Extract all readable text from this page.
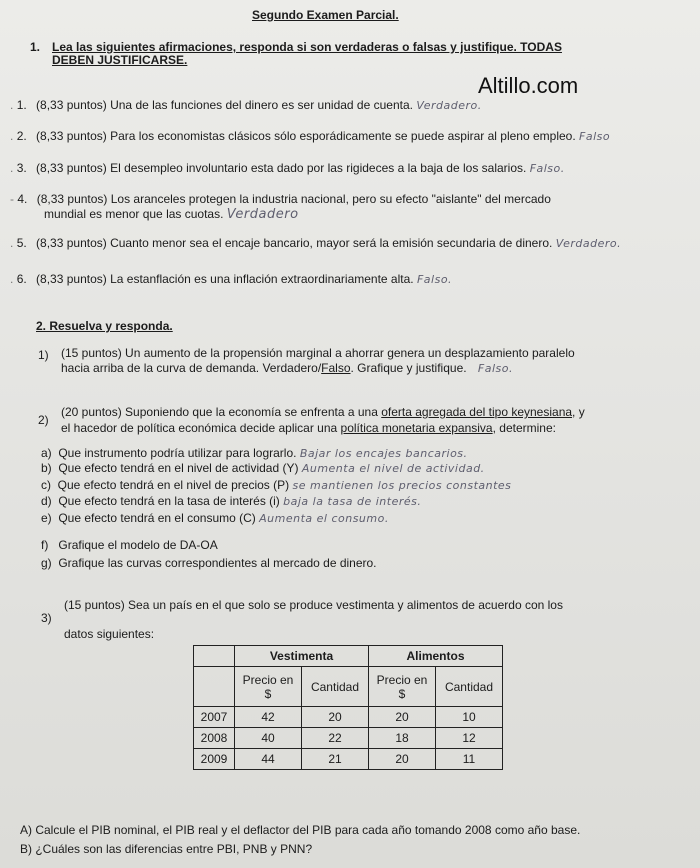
Segundo Examen Parcial.
1. Lea las siguientes afirmaciones, responda si son verdaderas o falsas y justifique. TODAS
DEBEN JUSTIFICARSE.
Altillo.com
. 1. (8,33 puntos) Una de las funciones del dinero es ser unidad de cuenta. Verdadero.
. 2. (8,33 puntos) Para los economistas clásicos sólo esporádicamente se puede aspirar al pleno empleo. Falso
. 3. (8,33 puntos) El desempleo involuntario esta dado por las rigideces a la baja de los salarios. Falso.
- 4. (8,33 puntos) Los aranceles protegen la industria nacional, pero su efecto "aislante" del mercado
mundial es menor que las cuotas. Verdadero
. 5. (8,33 puntos) Cuanto menor sea el encaje bancario, mayor será la emisión secundaria de dinero. Verdadero.
. 6. (8,33 puntos) La estanflación es una inflación extraordinariamente alta. Falso.
2. Resuelva y responda.
1) (15 puntos) Un aumento de la propensión marginal a ahorrar genera un desplazamiento paralelo
hacia arriba de la curva de demanda. Verdadero/Falso. Grafique y justifique. Falso.
2)
(20 puntos) Suponiendo que la economía se enfrenta a una oferta agregada del tipo keynesiana, y
el hacedor de política económica decide aplicar una política monetaria expansiva, determine:
a) Que instrumento podría utilizar para lograrlo. Bajar los encajes bancarios.
b) Que efecto tendrá en el nivel de actividad (Y) Aumenta el nivel de actividad.
c) Que efecto tendrá en el nivel de precios (P) se mantienen los precios constantes
d) Que efecto tendrá en la tasa de interés (i) baja la tasa de interés.
e) Que efecto tendrá en el consumo (C) Aumenta el consumo.
f) Grafique el modelo de DA-OA
g) Grafique las curvas correspondientes al mercado de dinero.
3)
(15 puntos) Sea un país en el que solo se produce vestimenta y alimentos de acuerdo con los
datos siguientes:
	Vestimenta		Alimentos	
	Precio en $	Cantidad	Precio en $	Cantidad
2007	42	20	20	10
2008	40	22	18	12
2009	44	21	20	11
A) Calcule el PIB nominal, el PIB real y el deflactor del PIB para cada año tomando 2008 como año base.
B) ¿Cuáles son las diferencias entre PBI, PNB y PNN?
